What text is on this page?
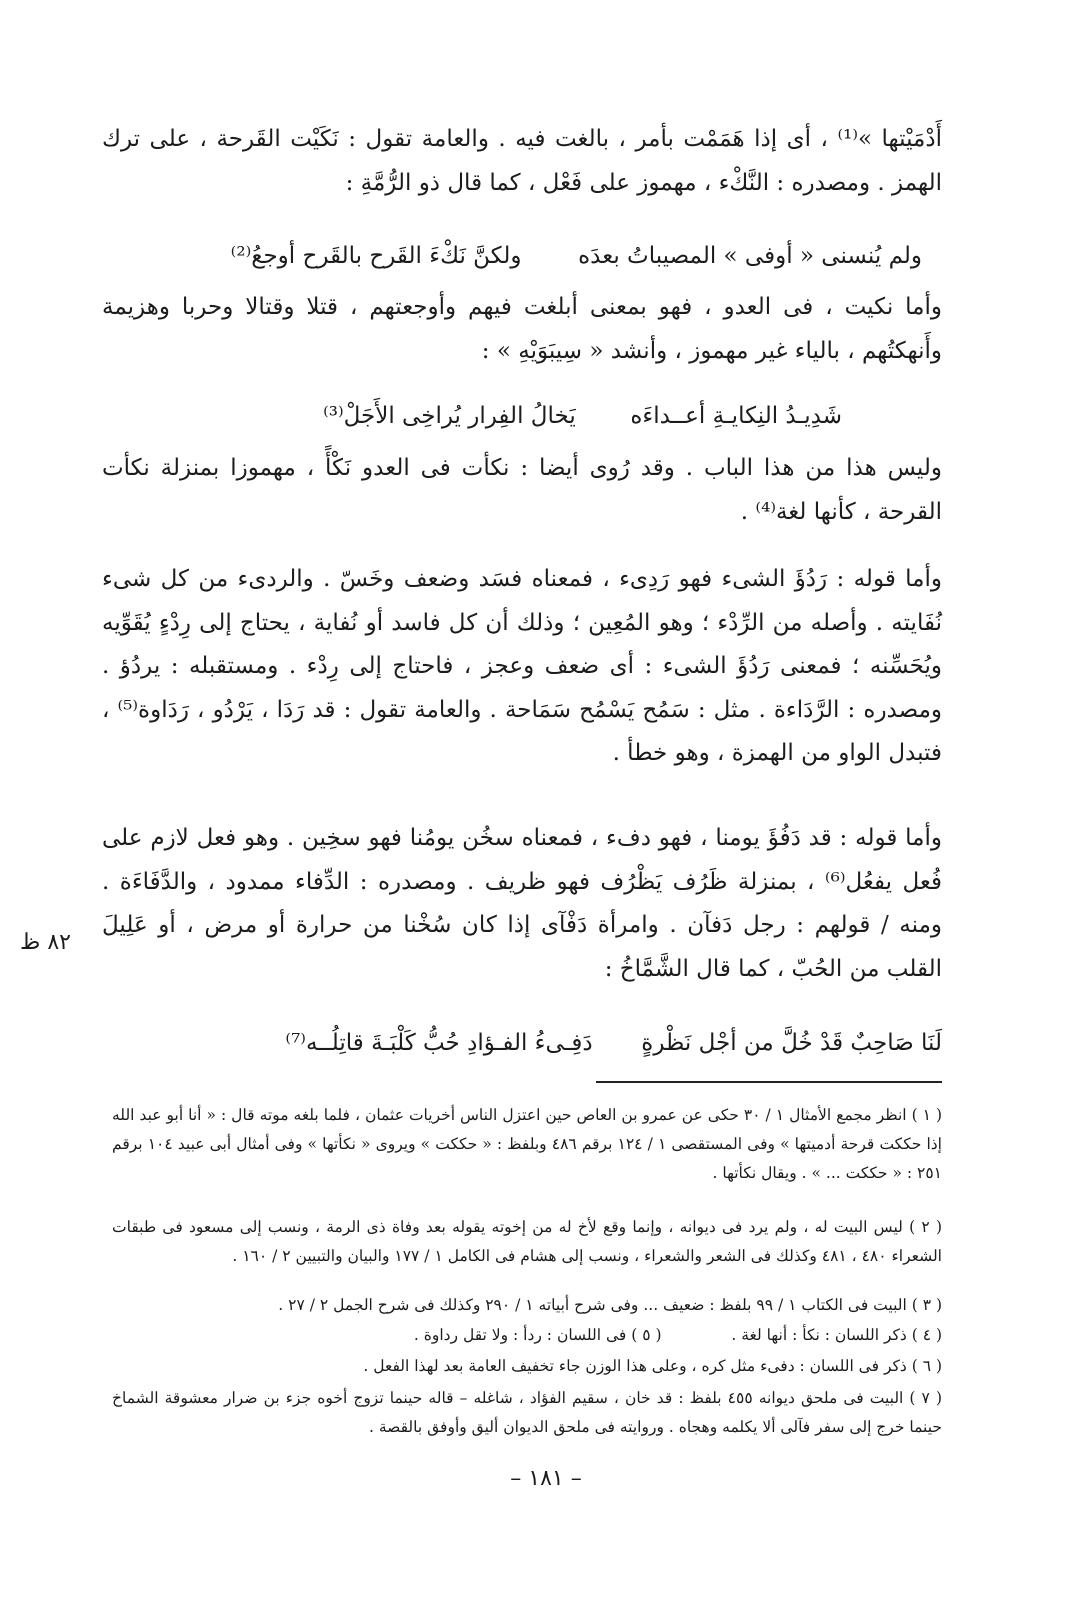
أَدْمَيْتها »⁽¹⁾ ، أى إذا هَمَمْت بأمر ، بالغت فيه . والعامة تقول : نَكَيْت القَرحة ، على ترك الهمز . ومصدره : النَّكْء ، مهموز على فَعْل ، كما قال ذو الرُّمَّةِ :

ولم يُنسنى « أوفى » المصيباتُ بعدَه  ولكنَّ نَكْءَ القَرح بالقَرح أوجعُ⁽²⁾

وأما نكيت ، فى العدو ، فهو بمعنى أبلغت فيهم وأوجعتهم ، قتلا وقتالا وحربا وهزيمة وأَنهكتُهم ، بالياء غير مهموز ، وأنشد « سِيبَوَيْهِ » :

شَدِيـدُ النِكايـةِ أعــداءَه  يَخالُ الفِرار يُراخِى الأَجَلْ⁽³⁾

وليس هذا من هذا الباب . وقد رُوى أيضا : نكأت فى العدو نَكْأً ، مهموزا بمنزلة نكأت القرحة ، كأنها لغة⁽⁴⁾ .

وأما قوله : رَدُؤَ الشىء فهو رَدِىء ، فمعناه فسَد وضعف وخَسّ . والردىء من كل شىء نُفَايته . وأصله من الرِّدْء ؛ وهو المُعِين ؛ وذلك أن كل فاسد أو نُفاية ، يحتاج إلى رِدْءٍ يُقَوِّيه ويُحَسِّنه ؛ فمعنى رَدُؤَ الشىء : أى ضعف وعجز ، فاحتاج إلى رِدْء . ومستقبله : يردُؤ . ومصدره : الرَّدَاءة . مثل : سَمُح يَسْمُح سَمَاحة . والعامة تقول : قد رَدَا ، يَرْدُو ، رَدَاوة⁽⁵⁾ ، فتبدل الواو من الهمزة ، وهو خطأ .

وأما قوله : قد دَفُؤَ يومنا ، فهو دفء ، فمعناه سخُن يومُنا فهو سخِين . وهو فعل لازم على فُعل يفعُل⁽⁶⁾ ، بمنزلة ظَرُف يَظْرُف فهو ظريف . ومصدره : الدِّفاء ممدود ، والدَّفَاءَة . ومنه / قولهم : رجل دَفآن . وامرأة دَفْآى إذا كان سُخْنا من حرارة أو مرض ، أو عَلِيلَ القلب من الحُبّ ، كما قال الشَّمَّاخُ :

٨٢ ظ
لَنَا صَاحِبٌ قَدْ خُلَّ من أجْل نَظْرةٍ  دَفِـىءُ الفـؤادِ حُبُّ كَلْبَـةَ قاتِلُــه⁽⁷⁾

( ١ ) انظر مجمع الأمثال ١ / ٣٠ حكى عن عمرو بن العاص حين اعتزل الناس أخريات عثمان ، فلما بلغه موته قال : « أنا أبو عبد الله إذا حككت قرحة أدميتها » وفى المستقصى ١ / ١٢٤ برقم ٤٨٦ وبلفظ : « حككت » ويروى « نكأتها » وفى أمثال أبى عبيد ١٠٤ برقم ٢٥١ : « حككت ... » . ويقال نكأتها .

( ٢ ) ليس البيت له ، ولم يرد فى ديوانه ، وإنما وقع لأخ له من إخوته يقوله بعد وفاة ذى الرمة ، ونسب إلى مسعود فى طبقات الشعراء ٤٨٠ ، ٤٨١ وكذلك فى الشعر والشعراء ، ونسب إلى هشام فى الكامل ١ / ١٧٧ والبيان والتبيين ٢ / ١٦٠ .

( ٣ ) البيت فى الكتاب ١ / ٩٩ بلفظ : ضعيف ... وفى شرح أبياته ١ / ٢٩٠ وكذلك فى شرح الجمل ٢ / ٢٧ .

( ٤ ) ذكر اللسان : نكأ : أنها لغة .  ( ٥ ) فى اللسان : ردأ : ولا تقل رداوة .

( ٦ ) ذكر فى اللسان : دفىء مثل كره ، وعلى هذا الوزن جاء تخفيف العامة بعد لهذا الفعل .

( ٧ ) البيت فى ملحق ديوانه ٤٥٥ بلفظ : قد خان ، سقيم الفؤاد ، شاغله – قاله حينما تزوج أخوه جزء بن ضرار معشوقة الشماخ حينما خرج إلى سفر فآلى ألا يكلمه وهجاه . وروايته فى ملحق الديوان أليق وأوفق بالقصة .

– ١٨١ –
